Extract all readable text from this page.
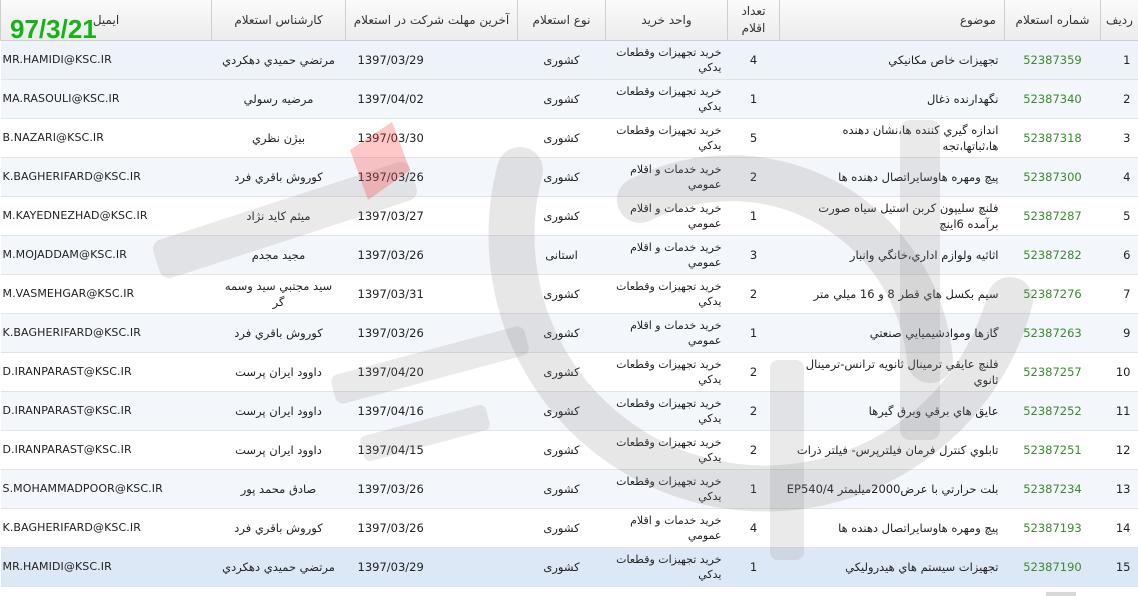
97/3/21	ردیف	شماره استعلام	موضوع	تعداد اقلام	واحد خرید	نوع استعلام	آخرین مهلت شرکت در استعلام	کارشناس استعلام	ایمیل
1	52387359	تجهيزات خاص مکانيکي	4	خريد تجهيزات وقطعات يدکي	کشوری	1397/03/29	مرتضي حميدي دهکردي	MR.HAMIDI@KSC.IR
2	52387340	نگهدارنده ذغال	1	خريد تجهيزات وقطعات يدکي	کشوری	1397/04/02	مرضيه رسولي	MA.RASOULI@KSC.IR
3	52387318	اندازه گيري کننده ها،نشان دهنده ها،ثباتها،تجه	5	خريد تجهيزات وقطعات يدکي	کشوری	1397/03/30	بيژن نظري	B.NAZARI@KSC.IR
4	52387300	پيچ ومهره هاوسايراتصال دهنده ها	2	خريد خدمات و اقلام عمومي	کشوری	1397/03/26	کوروش باقري فرد	K.BAGHERIFARD@KSC.IR
5	52387287	فلنچ سليپون کربن استيل سياه صورت برآمده 6اينچ	1	خريد خدمات و اقلام عمومي	کشوری	1397/03/27	ميثم کايد نژاد	M.KAYEDNEZHAD@KSC.IR
6	52387282	اثاثيه ولوازم اداري،خانگي وانبار	3	خريد خدمات و اقلام عمومي	استانی	1397/03/26	مجيد مجدم	M.MOJADDAM@KSC.IR
7	52387276	سيم بکسل هاي قطر 8 و 16 ميلي متر	2	خريد تجهيزات وقطعات يدکي	کشوری	1397/03/31	سيد مجتبي سيد وسمه گر	M.VASMEHGAR@KSC.IR
9	52387263	گازها وموادشيميايي صنعتي	1	خريد خدمات و اقلام عمومي	کشوری	1397/03/26	کوروش باقري فرد	K.BAGHERIFARD@KSC.IR
10	52387257	فلنچ عايقي ترمينال ثانويه ترانس-ترمينال ثانوي	2	خريد تجهيزات وقطعات يدکي	کشوری	1397/04/20	داوود ايران پرست	D.IRANPARAST@KSC.IR
11	52387252	عايق هاي برقي وبرق گيرها	2	خريد تجهيزات وقطعات يدکي	کشوری	1397/04/16	داوود ايران پرست	D.IRANPARAST@KSC.IR
12	52387251	تابلوي کنترل فرمان فيلترپرس- فيلتر ذرات	2	خريد تجهيزات وقطعات يدکي	کشوری	1397/04/15	داوود ايران پرست	D.IRANPARAST@KSC.IR
13	52387234	بلت حرارتي با عرض2000ميليمتر EP540/4	1	خريد تجهيزات وقطعات يدکي	کشوری	1397/03/26	صادق محمد پور	S.MOHAMMADPOOR@KSC.IR
14	52387193	پيچ ومهره هاوسايراتصال دهنده ها	4	خريد خدمات و اقلام عمومي	کشوری	1397/03/26	کوروش باقري فرد	K.BAGHERIFARD@KSC.IR
15	52387190	تجهيزات سيستم هاي هيدروليکي	1	خريد تجهيزات وقطعات يدکي	کشوری	1397/03/29	مرتضي حميدي دهکردي	MR.HAMIDI@KSC.IR
